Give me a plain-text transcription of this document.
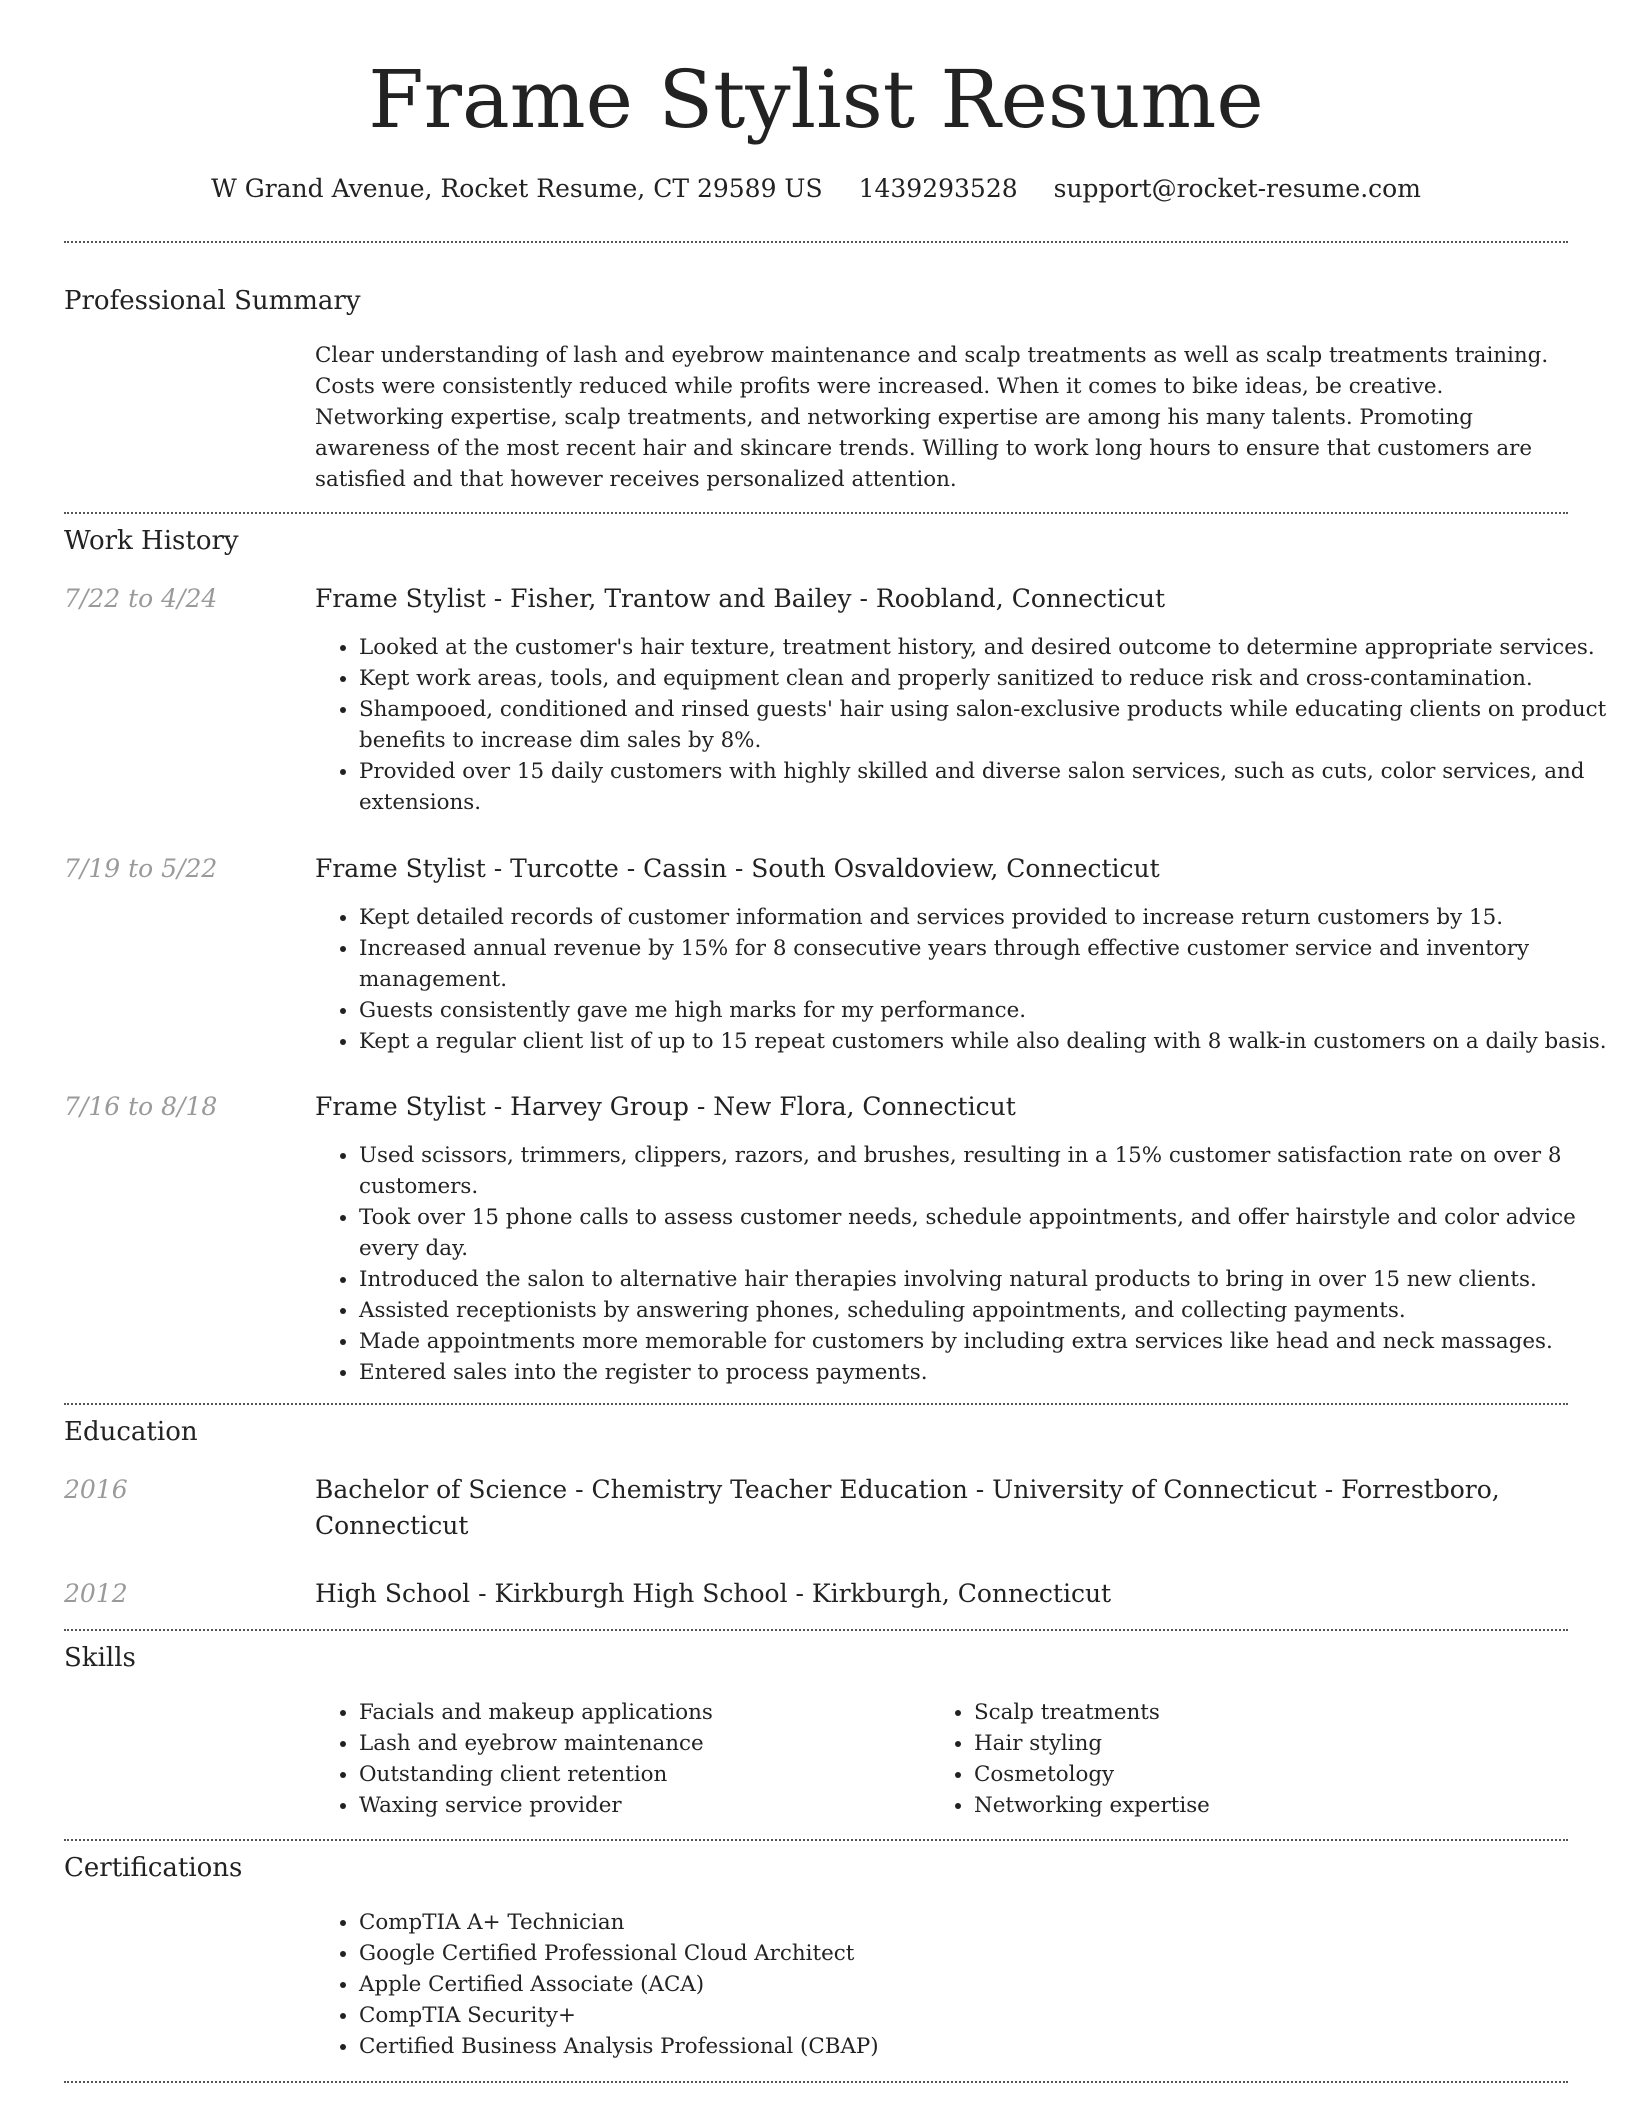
Frame Stylist Resume
W Grand Avenue, Rocket Resume, CT 29589 US 1439293528 support@rocket-resume.com
Professional Summary
Clear understanding of lash and eyebrow maintenance and scalp treatments as well as scalp treatments training. Costs were consistently reduced while profits were increased. When it comes to bike ideas, be creative. Networking expertise, scalp treatments, and networking expertise are among his many talents. Promoting awareness of the most recent hair and skincare trends. Willing to work long hours to ensure that customers are satisfied and that however receives personalized attention.
Work History
7/22 to 4/24	Frame Stylist - Fisher, Trantow and Bailey - Roobland, Connecticut
• Looked at the customer's hair texture, treatment history, and desired outcome to determine appropriate services.
• Kept work areas, tools, and equipment clean and properly sanitized to reduce risk and cross-contamination.
• Shampooed, conditioned and rinsed guests' hair using salon-exclusive products while educating clients on product benefits to increase dim sales by 8%.
• Provided over 15 daily customers with highly skilled and diverse salon services, such as cuts, color services, and extensions.
7/19 to 5/22	Frame Stylist - Turcotte - Cassin - South Osvaldoview, Connecticut
• Kept detailed records of customer information and services provided to increase return customers by 15.
• Increased annual revenue by 15% for 8 consecutive years through effective customer service and inventory management.
• Guests consistently gave me high marks for my performance.
• Kept a regular client list of up to 15 repeat customers while also dealing with 8 walk-in customers on a daily basis.
7/16 to 8/18	Frame Stylist - Harvey Group - New Flora, Connecticut
• Used scissors, trimmers, clippers, razors, and brushes, resulting in a 15% customer satisfaction rate on over 8 customers.
• Took over 15 phone calls to assess customer needs, schedule appointments, and offer hairstyle and color advice every day.
• Introduced the salon to alternative hair therapies involving natural products to bring in over 15 new clients.
• Assisted receptionists by answering phones, scheduling appointments, and collecting payments.
• Made appointments more memorable for customers by including extra services like head and neck massages.
• Entered sales into the register to process payments.
Education
2016	Bachelor of Science - Chemistry Teacher Education - University of Connecticut - Forrestboro, Connecticut
2012	High School - Kirkburgh High School - Kirkburgh, Connecticut
Skills
• Facials and makeup applications
• Lash and eyebrow maintenance
• Outstanding client retention
• Waxing service provider
• Scalp treatments
• Hair styling
• Cosmetology
• Networking expertise
Certifications
• CompTIA A+ Technician
• Google Certified Professional Cloud Architect
• Apple Certified Associate (ACA)
• CompTIA Security+
• Certified Business Analysis Professional (CBAP)
